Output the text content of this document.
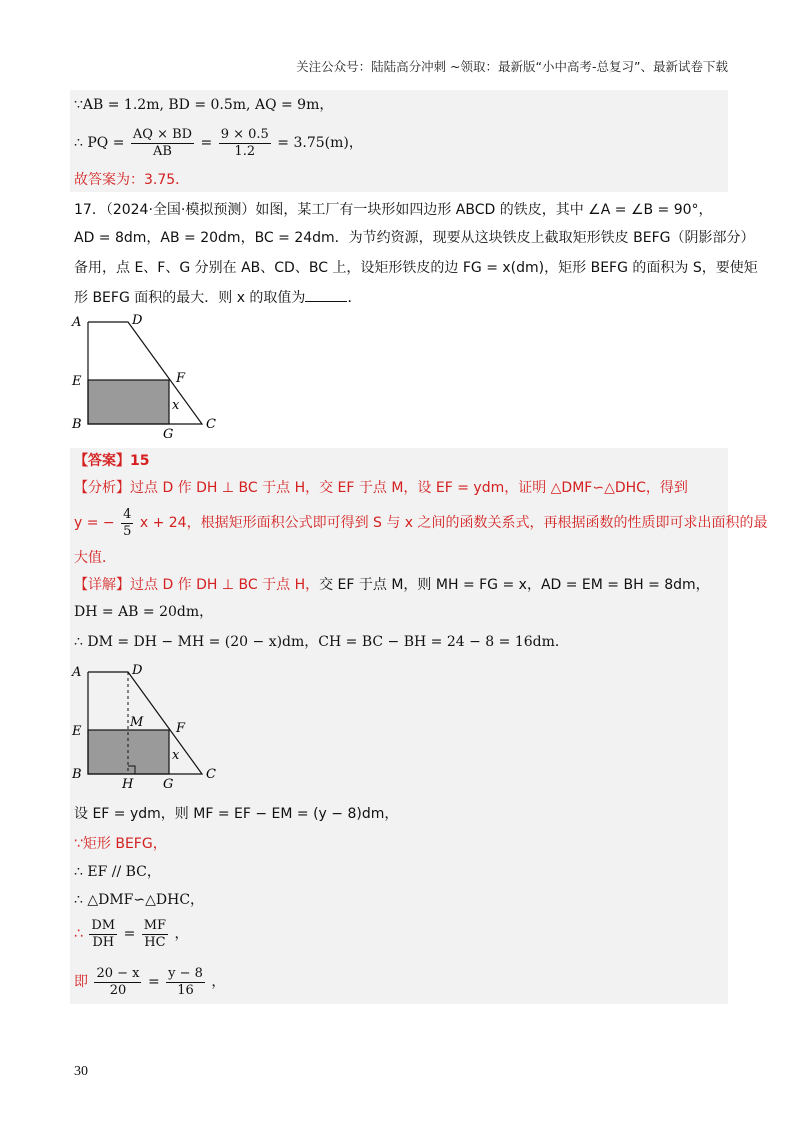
关注公众号：陆陆高分冲刺 ~领取：最新版“小中高考-总复习”、最新试卷下载
∵AB = 1.2m, BD = 0.5m, AQ = 9m，
∴ PQ = $\frac{AQ \times BD}{AB} = \frac{9 \times 0.5}{1.2} = 3.75(m)$，
故答案为：3.75．
17．（2024·全国·模拟预测）如图，某工厂有一块形如四边形 ABCD 的铁皮，其中 ∠A = ∠B = 90°，
AD = 8dm，AB = 20dm，BC = 24dm．为节约资源，现要从这块铁皮上截取矩形铁皮 BEFG（阴影部分）
备用，点 E、F、G 分别在 AB、CD、BC 上，设矩形铁皮的边 FG = x(dm)，矩形 BEFG 的面积为 S，要使矩
形 BEFG 面积的最大．则 x 的取值为	．
A	D
E	F
x
B
G
C
【答案】15
【分析】过点 D 作 DH ⊥ BC 于点 H，交 EF 于点 M，设 EF = ydm，证明 △DMF∽△DHC，得到
y = − $\frac{4}{5}$ x + 24，根据矩形面积公式即可得到 S 与 x 之间的函数关系式，再根据函数的性质即可求出面积的最
大值．
【详解】过点 D 作 DH ⊥ BC 于点 H，交 EF 于点 M，则 MH = FG = x，AD = EM = BH = 8dm，
DH = AB = 20dm，
∴ DM = DH − MH = (20 − x)dm，CH = BC − BH = 24 − 8 = 16dm．
A	D
M
E	F
x
B
H G
C
设 EF = ydm，则 MF = EF − EM = (y − 8)dm，
∵矩形 BEFG，
∴ EF // BC，
∴ △DMF∽△DHC，
∴ $\frac{DM}{DH} = \frac{MF}{HC}$ ，
即 $\frac{20 - x}{20} = \frac{y - 8}{16}$ ，
30
